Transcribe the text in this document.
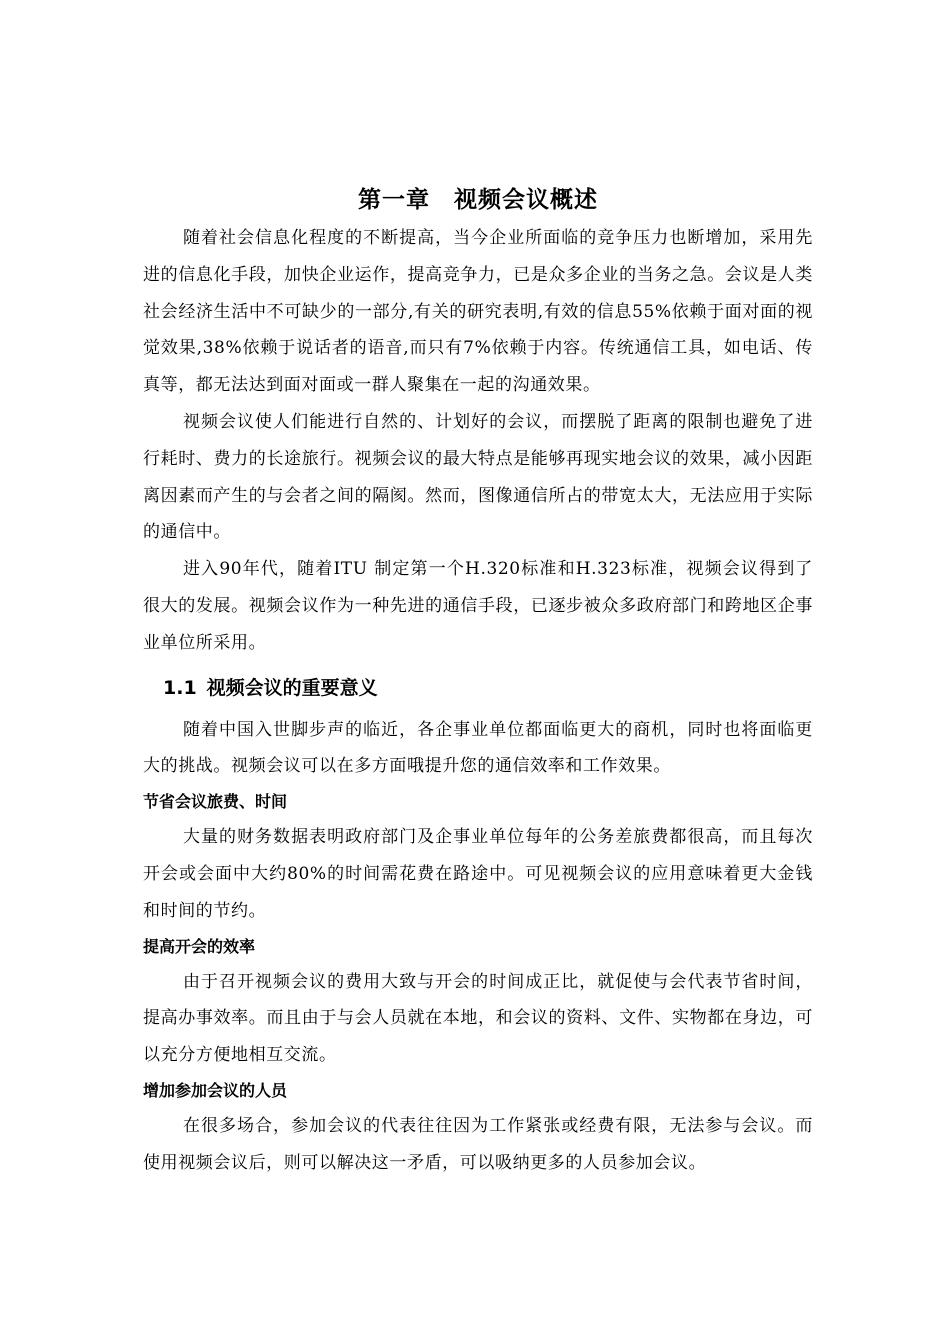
第一章 视频会议概述

随着社会信息化程度的不断提高，当今企业所面临的竞争压力也断增加，采用先进的信息化手段，加快企业运作，提高竞争力，已是众多企业的当务之急。会议是人类社会经济生活中不可缺少的一部分,有关的研究表明,有效的信息55%依赖于面对面的视觉效果,38%依赖于说话者的语音,而只有7%依赖于内容。传统通信工具，如电话、传真等，都无法达到面对面或一群人聚集在一起的沟通效果。

视频会议使人们能进行自然的、计划好的会议，而摆脱了距离的限制也避免了进行耗时、费力的长途旅行。视频会议的最大特点是能够再现实地会议的效果，减小因距离因素而产生的与会者之间的隔阂。然而，图像通信所占的带宽太大，无法应用于实际的通信中。

进入90年代，随着ITU 制定第一个H.320标准和H.323标准，视频会议得到了很大的发展。视频会议作为一种先进的通信手段，已逐步被众多政府部门和跨地区企事业单位所采用。

1.1 视频会议的重要意义

随着中国入世脚步声的临近，各企事业单位都面临更大的商机，同时也将面临更大的挑战。视频会议可以在多方面哦提升您的通信效率和工作效果。

节省会议旅费、时间

大量的财务数据表明政府部门及企事业单位每年的公务差旅费都很高，而且每次开会或会面中大约80%的时间需花费在路途中。可见视频会议的应用意味着更大金钱和时间的节约。

提高开会的效率

由于召开视频会议的费用大致与开会的时间成正比，就促使与会代表节省时间，提高办事效率。而且由于与会人员就在本地，和会议的资料、文件、实物都在身边，可以充分方便地相互交流。

增加参加会议的人员

在很多场合，参加会议的代表往往因为工作紧张或经费有限，无法参与会议。而使用视频会议后，则可以解决这一矛盾，可以吸纳更多的人员参加会议。
